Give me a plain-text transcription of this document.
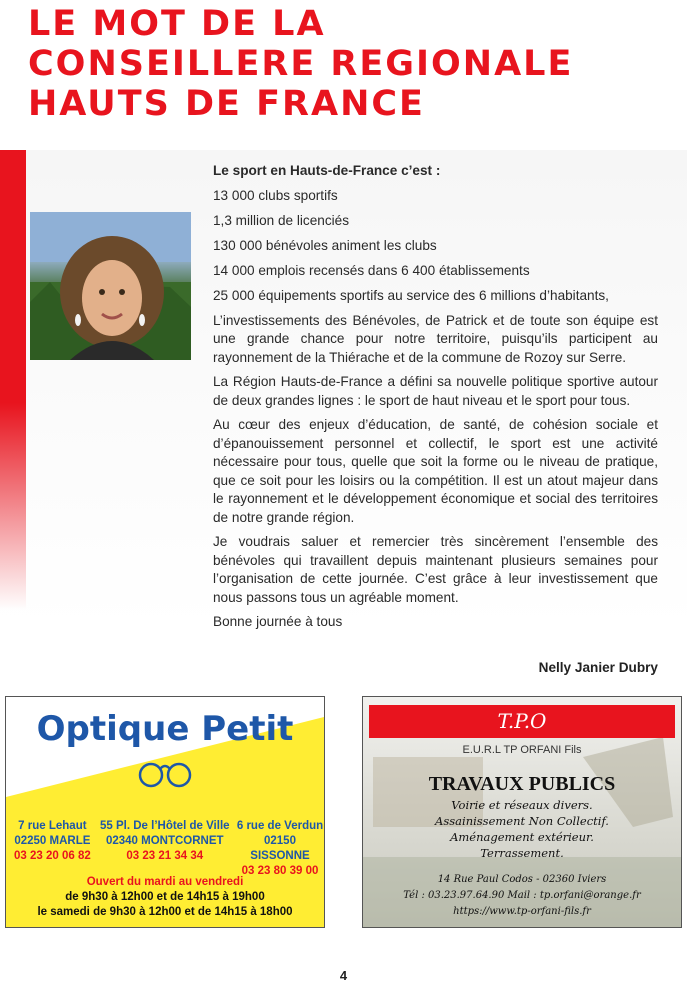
LE MOT DE LA
CONSEILLERE REGIONALE
HAUTS DE FRANCE

Le sport en Hauts-de-France c’est :

13 000 clubs sportifs

1,3 million de licenciés

130 000 bénévoles animent les clubs

14 000 emplois recensés dans 6 400 établissements

25 000 équipements sportifs au service des 6 millions d’habitants,

L’investissements des Bénévoles, de Patrick et de toute son équipe est une grande chance pour notre territoire, puisqu’ils participent au rayonnement de la Thiérache et de la commune de Rozoy sur Serre.

La Région Hauts-de-France a défini sa nouvelle politique sportive autour de deux grandes lignes : le sport de haut niveau et le sport pour tous.

Au cœur des enjeux d’éducation, de santé, de cohésion sociale et d’épanouissement personnel et collectif, le sport est une activité nécessaire pour tous, quelle que soit la forme ou le niveau de pratique, que ce soit pour les loisirs ou la compétition. Il est un atout majeur dans le rayonnement et le développement économique et social des territoires de notre grande région.

Je voudrais saluer et remercier très sincèrement l’ensemble des bénévoles qui travaillent depuis maintenant plusieurs semaines pour l’organisation de cette journée. C’est grâce à leur investissement que nous passons tous un agréable moment.

Bonne journée à tous

Nelly Janier Dubry
Optique Petit
7 rue Lehaut
02250 MARLE
03 23 20 06 82
55 Pl. De l’Hôtel de Ville
02340 MONTCORNET
03 23 21 34 34
6 rue de Verdun
02150 SISSONNE
03 23 80 39 00
Ouvert du mardi au vendredi
de 9h30 à 12h00 et de 14h15 à 19h00
le samedi de 9h30 à 12h00 et de 14h15 à 18h00
T.P.O
E.U.R.L TP ORFANI Fils
TRAVAUX PUBLICS
Voirie et réseaux divers.
Assainissement Non Collectif.
Aménagement extérieur.
Terrassement.
14 Rue Paul Codos - 02360 Iviers
Tél : 03.23.97.64.90 Mail : tp.orfani@orange.fr
https://www.tp-orfani-fils.fr
4
